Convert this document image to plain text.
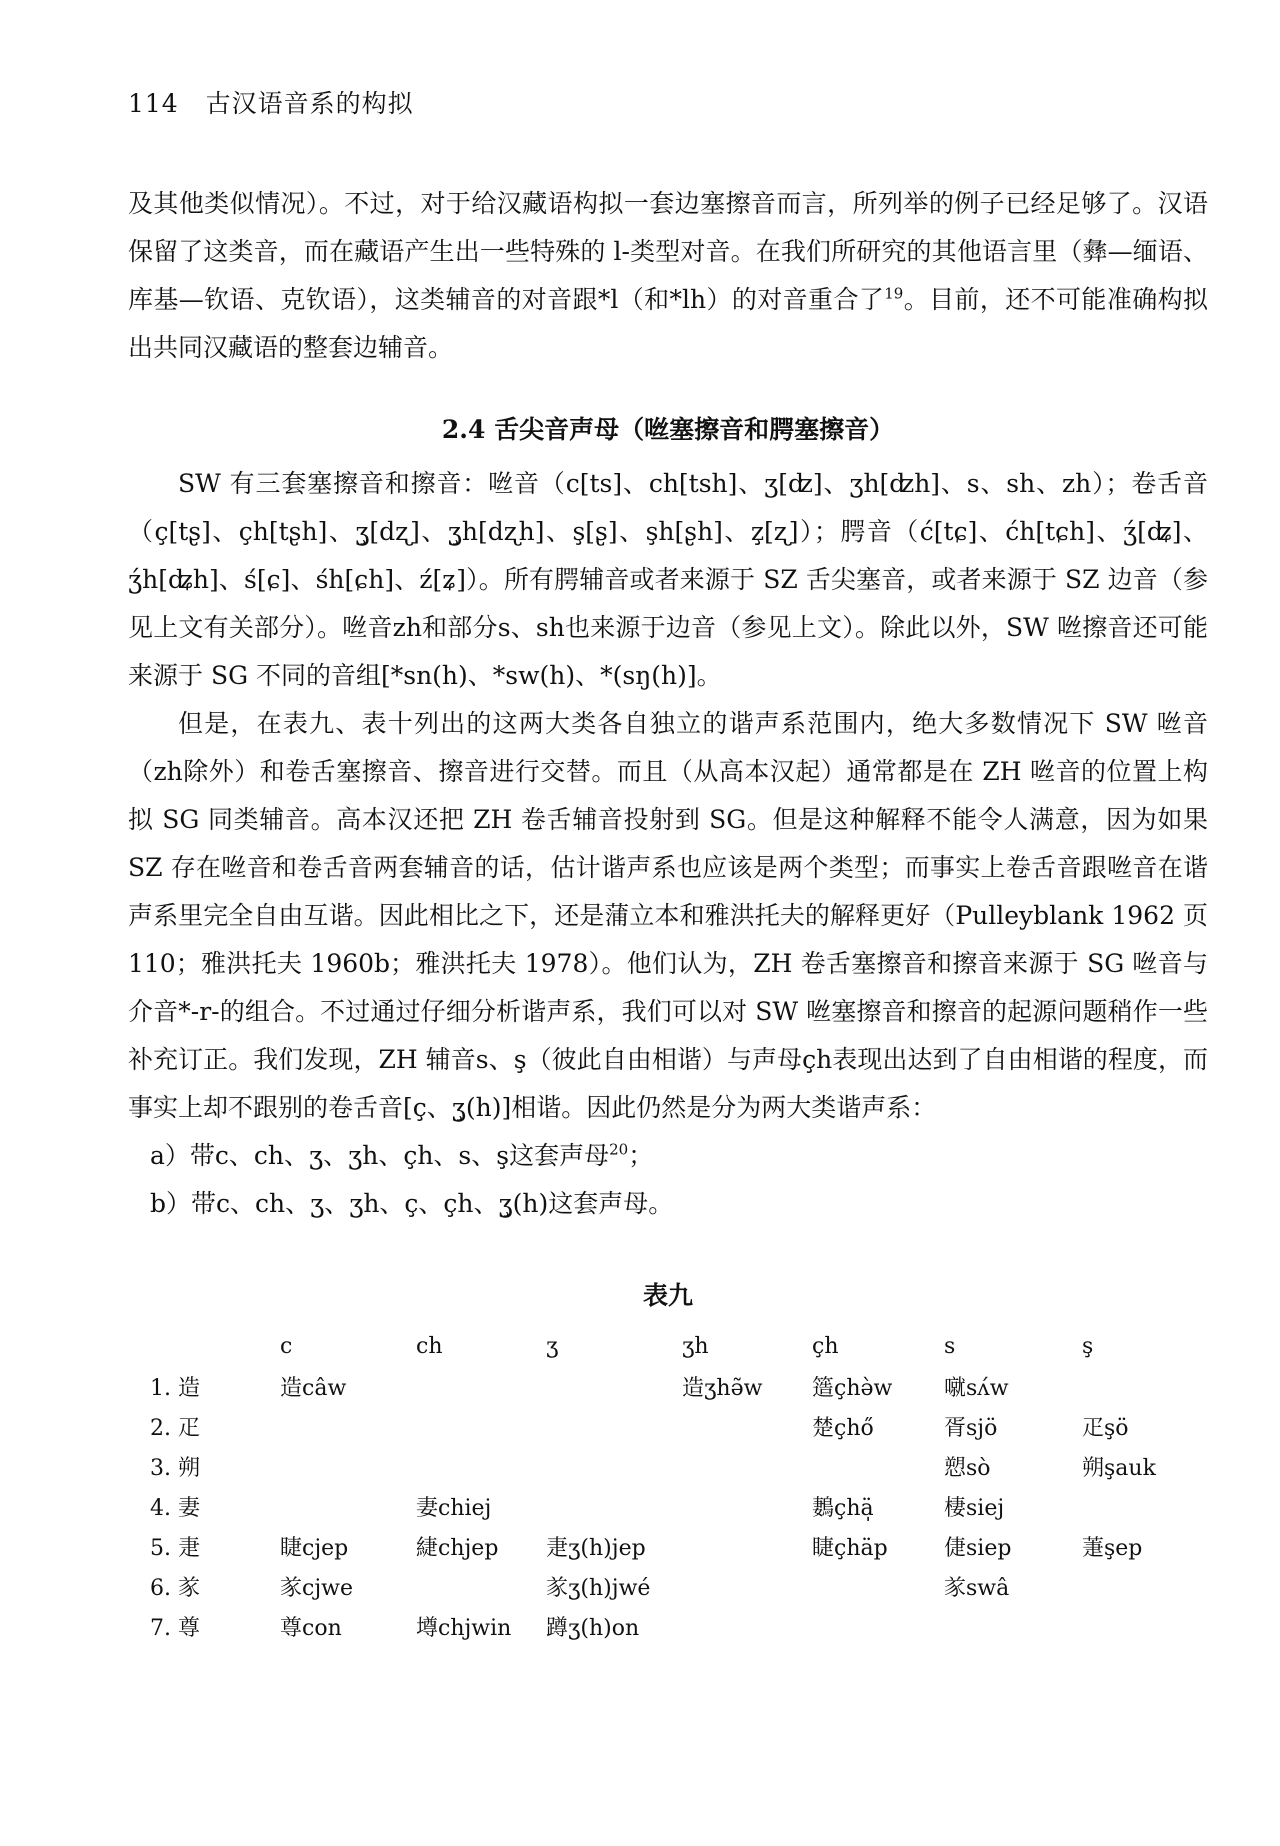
114 古汉语音系的构拟

及其他类似情况）。不过，对于给汉藏语构拟一套边塞擦音而言，所列举的例子已经足够了。汉语保留了这类音，而在藏语产生出一些特殊的 l-类型对音。在我们所研究的其他语言里（彝—缅语、库基—钦语、克钦语），这类辅音的对音跟*l（和*lh）的对音重合了$^{19}$。目前，还不可能准确构拟出共同汉藏语的整套边辅音。

2.4 舌尖音声母（咝塞擦音和腭塞擦音）

SW 有三套塞擦音和擦音：咝音（c[ts]、ch[tsh]、ʒ[ʣ]、ʒh[ʣh]、s、sh、zh）；卷舌音（ç[tʂ]、çh[tʂh]、ʒ̧[dʐ]、ʒ̧h[dʐh]、ş[ʂ]、şh[ʂh]、z̧[ʐ]）；腭音（ć[tɕ]、ćh[tɕh]、ʒ́[ʥ]、ʒ́h[ʥh]、ś[ɕ]、śh[ɕh]、ź[ʑ]）。所有腭辅音或者来源于 SZ 舌尖塞音，或者来源于 SZ 边音（参见上文有关部分）。咝音zh和部分s、sh也来源于边音（参见上文）。除此以外，SW 咝擦音还可能来源于 SG 不同的音组[*sn(h)、*sw(h)、*(sŋ(h)]。

但是，在表九、表十列出的这两大类各自独立的谐声系范围内，绝大多数情况下 SW 咝音（zh除外）和卷舌塞擦音、擦音进行交替。而且（从高本汉起）通常都是在 ZH 咝音的位置上构拟 SG 同类辅音。高本汉还把 ZH 卷舌辅音投射到 SG。但是这种解释不能令人满意，因为如果 SZ 存在咝音和卷舌音两套辅音的话，估计谐声系也应该是两个类型；而事实上卷舌音跟咝音在谐声系里完全自由互谐。因此相比之下，还是蒲立本和雅洪托夫的解释更好（Pulleyblank 1962 页 110；雅洪托夫 1960b；雅洪托夫 1978）。他们认为，ZH 卷舌塞擦音和擦音来源于 SG 咝音与介音*-r-的组合。不过通过仔细分析谐声系，我们可以对 SW 咝塞擦音和擦音的起源问题稍作一些补充订正。我们发现，ZH 辅音s、ş（彼此自由相谐）与声母çh表现出达到了自由相谐的程度，而事实上却不跟别的卷舌音[ç、ʒ̧(h)]相谐。因此仍然是分为两大类谐声系：

a）带c、ch、ʒ、ʒh、çh、s、ş这套声母$^{20}$；

b）带c、ch、ʒ、ʒh、ç、çh、ʒ̧(h)这套声母。

表九
	c	ch	ʒ	ʒh	çh	s	ş
1. 造	造câw			造ʒhə̃w	簉çhə̀w	噈sʌ́w	
2. 疋					楚çhő	胥sjö	疋şö
3. 朔						愬sò	朔şauk
4. 妻		妻chiej			鶈çhä̩	棲siej	
5. 疌	睫cjep	緁chjep	疌ʒ(h)jep		睫çhäp	倢siep	萐şep
6. 㒸	㒸cjwe		㒸ʒ(h)jwé			㒸swâ	
7. 尊	尊con	墫chjwin	蹲ʒ(h)on				
